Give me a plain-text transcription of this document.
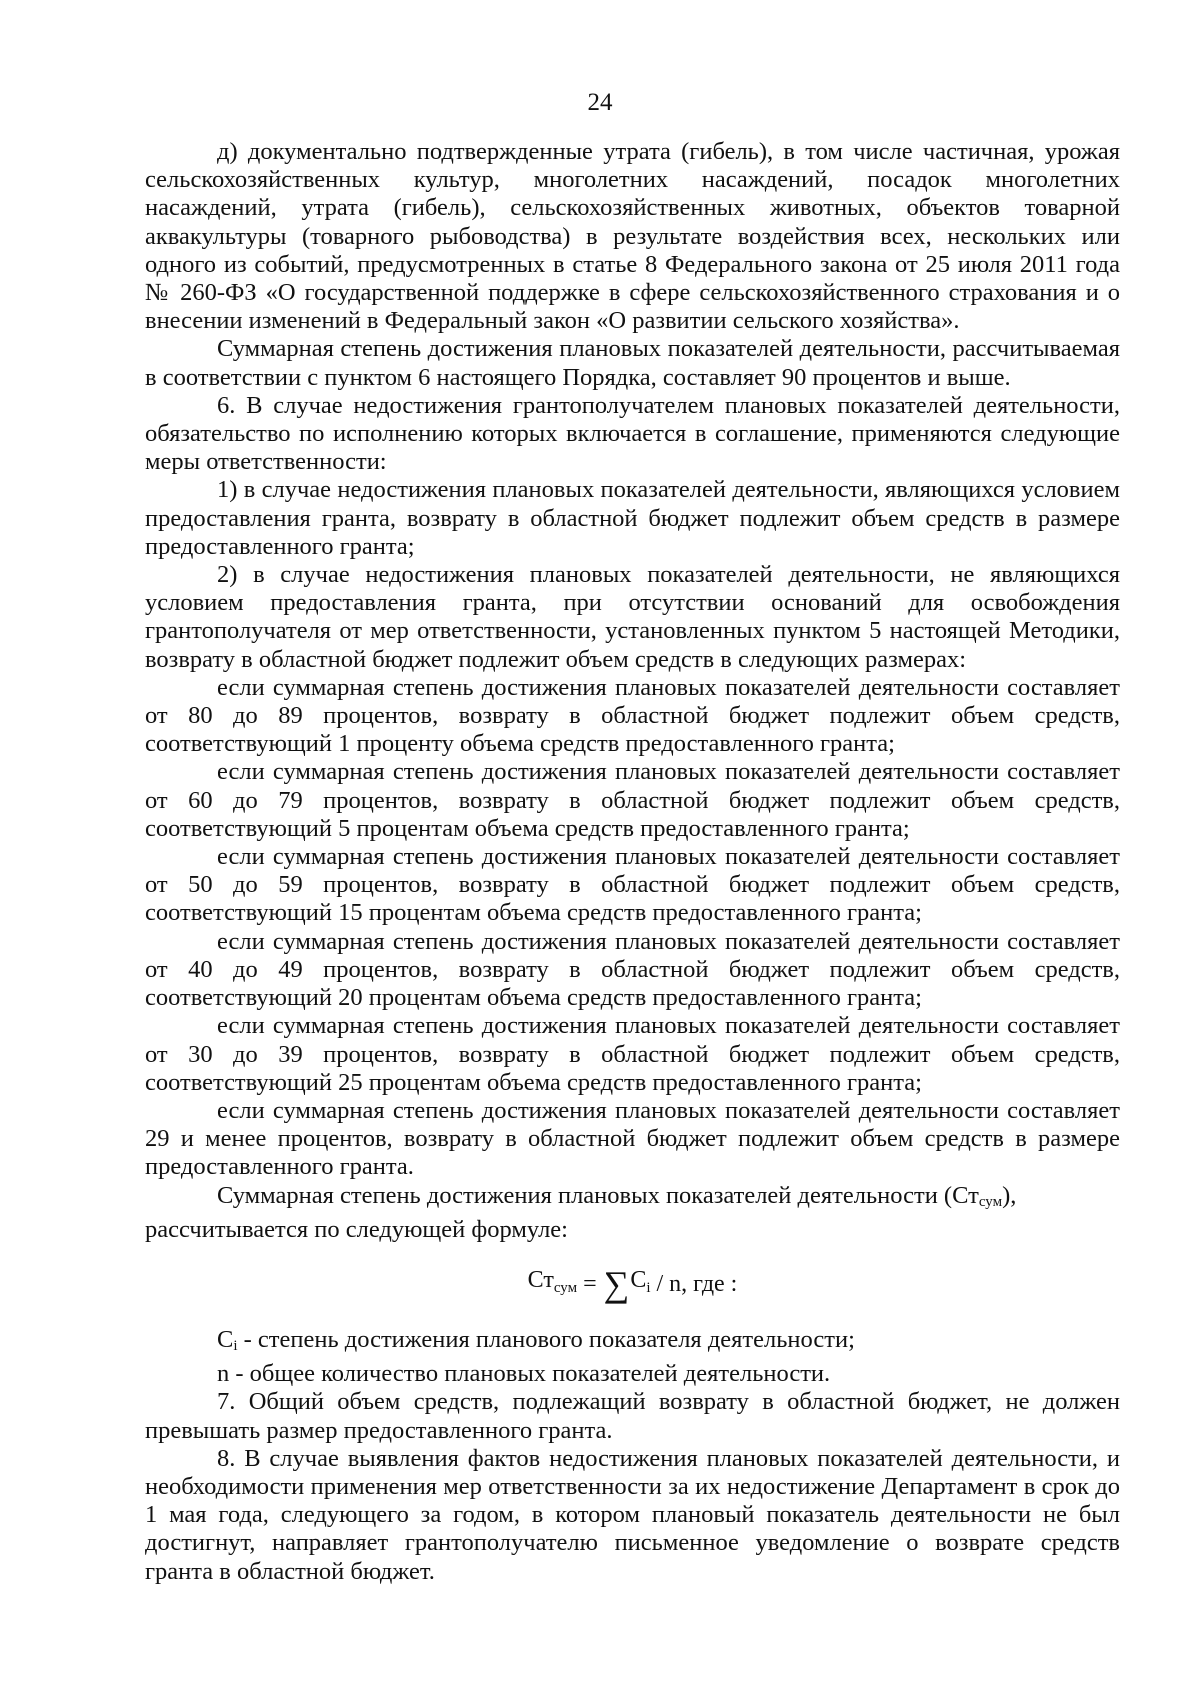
24

д) документально подтвержденные утрата (гибель), в том числе частичная, урожая сельскохозяйственных культур, многолетних насаждений, посадок многолетних насаждений, утрата (гибель), сельскохозяйственных животных, объектов товарной аквакультуры (товарного рыбоводства) в результате воздействия всех, нескольких или одного из событий, предусмотренных в статье 8 Федерального закона от 25 июля 2011 года № 260-ФЗ «О государственной поддержке в сфере сельскохозяйственного страхования и о внесении изменений в Федеральный закон «О развитии сельского хозяйства».

Суммарная степень достижения плановых показателей деятельности, рассчитываемая в соответствии с пунктом 6 настоящего Порядка, составляет 90 процентов и выше.

6. В случае недостижения грантополучателем плановых показателей деятельности, обязательство по исполнению которых включается в соглашение, применяются следующие меры ответственности:

1) в случае недостижения плановых показателей деятельности, являющихся условием предоставления гранта, возврату в областной бюджет подлежит объем средств в размере предоставленного гранта;

2) в случае недостижения плановых показателей деятельности, не являющихся условием предоставления гранта, при отсутствии оснований для освобождения грантополучателя от мер ответственности, установленных пунктом 5 настоящей Методики, возврату в областной бюджет подлежит объем средств в следующих размерах:

если суммарная степень достижения плановых показателей деятельности составляет от 80 до 89 процентов, возврату в областной бюджет подлежит объем средств, соответствующий 1 проценту объема средств предоставленного гранта;

если суммарная степень достижения плановых показателей деятельности составляет от 60 до 79 процентов, возврату в областной бюджет подлежит объем средств, соответствующий 5 процентам объема средств предоставленного гранта;

если суммарная степень достижения плановых показателей деятельности составляет от 50 до 59 процентов, возврату в областной бюджет подлежит объем средств, соответствующий 15 процентам объема средств предоставленного гранта;

если суммарная степень достижения плановых показателей деятельности составляет от 40 до 49 процентов, возврату в областной бюджет подлежит объем средств, соответствующий 20 процентам объема средств предоставленного гранта;

если суммарная степень достижения плановых показателей деятельности составляет от 30 до 39 процентов, возврату в областной бюджет подлежит объем средств, соответствующий 25 процентам объема средств предоставленного гранта;

если суммарная степень достижения плановых показателей деятельности составляет 29 и менее процентов, возврату в областной бюджет подлежит объем средств в размере предоставленного гранта.

Суммарная степень достижения плановых показателей деятельности (Стсум),

рассчитывается по следующей формуле:

$Ст_{сум}$ = ∑ $C_i$ / n, где :

Ci - степень достижения планового показателя деятельности;

n - общее количество плановых показателей деятельности.

7. Общий объем средств, подлежащий возврату в областной бюджет, не должен превышать размер предоставленного гранта.

8. В случае выявления фактов недостижения плановых показателей деятельности, и необходимости применения мер ответственности за их недостижение Департамент в срок до 1 мая года, следующего за годом, в котором плановый показатель деятельности не был достигнут, направляет грантополучателю письменное уведомление о возврате средств гранта в областной бюджет.
